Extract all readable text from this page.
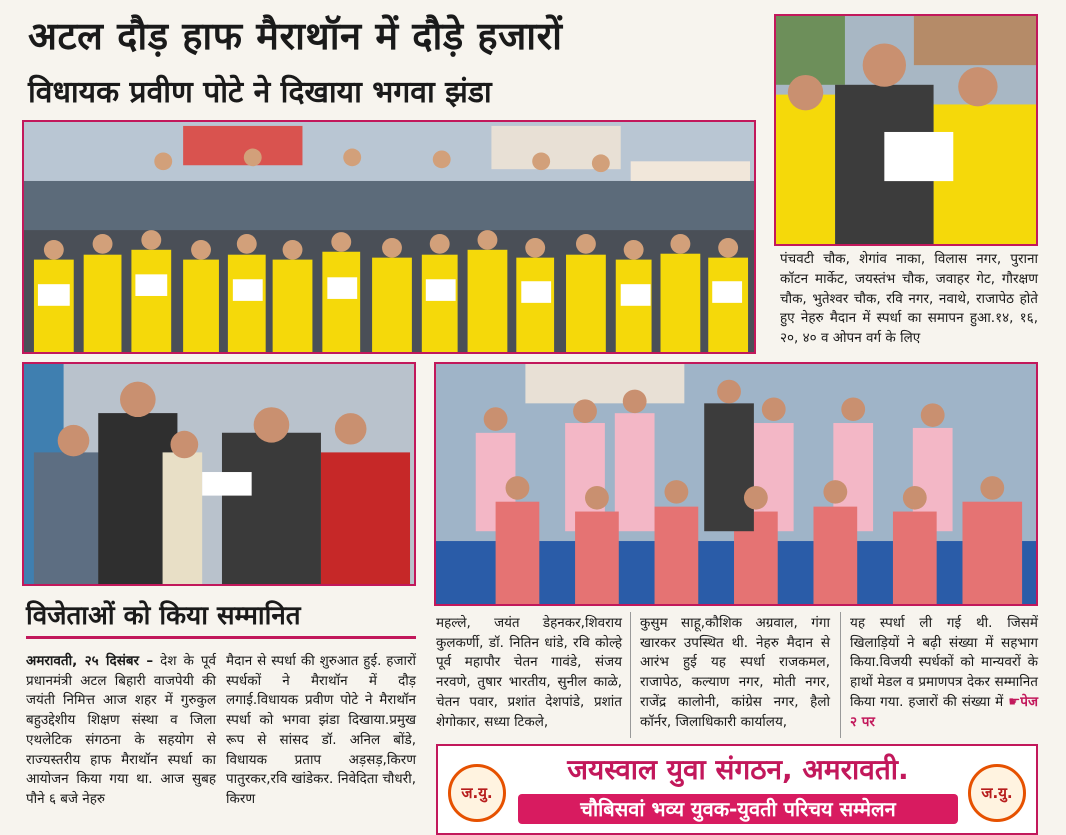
अटल दौड़ हाफ मैराथॉन में दौड़े हजारों
विधायक प्रवीण पोटे ने दिखाया भगवा झंडा
पंचवटी चौक, शेगांव नाका, विलास नगर, पुराना कॉटन मार्केट, जयस्तंभ चौक, जवाहर गेट, गौरक्षण चौक, भुतेश्वर चौक, रवि नगर, नवाथे, राजापेठ होते हुए नेहरु मैदान में स्पर्धा का समापन हुआ.१४, १६, २०, ४० व ओपन वर्ग के लिए
विजेताओं को किया सम्मानित
अमरावती, २५ दिसंबर – देश के पूर्व प्रधानमंत्री अटल बिहारी वाजपेयी की जयंती निमित्त आज शहर में गुरुकुल बहुउद्देशीय शिक्षण संस्था व जिला एथलेटिक संगठना के सहयोग से राज्यस्तरीय हाफ मैराथॉन स्पर्धा का आयोजन किया गया था. आज सुबह पौने ६ बजे नेहरु
मैदान से स्पर्धा की शुरुआत हुई. हजारों स्पर्धकों ने मैराथॉन में दौड़ लगाई.विधायक प्रवीण पोटे ने मैराथॉन स्पर्धा को भगवा झंडा दिखाया.प्रमुख रूप से सांसद डॉ. अनिल बोंडे, विधायक प्रताप अड़सड़,किरण पातुरकर,रवि खांडेकर. निवेदिता चौधरी, किरण
महल्ले, जयंत डेहनकर,शिवराय कुलकर्णी, डॉ. नितिन धांडे, रवि कोल्हे पूर्व महापौर चेतन गावंडे, संजय नरवणे, तुषार भारतीय, सुनील काळे, चेतन पवार, प्रशांत देशपांडे, प्रशांत शेगोकार, सध्या टिकले,
कुसुम साहू,कौशिक अग्रवाल, गंगा खारकर उपस्थित थी. नेहरु मैदान से आरंभ हुई यह स्पर्धा राजकमल, राजापेठ, कल्याण नगर, मोती नगर, राजेंद्र कालोनी, कांग्रेस नगर, हैलो कॉर्नर, जिलाधिकारी कार्यालय,
यह स्पर्धा ली गई थी. जिसमें खिलाड़ियों ने बढ़ी संख्या में सहभाग किया.विजयी स्पर्धकों को मान्यवरों के हाथों मेडल व प्रमाणपत्र देकर सम्मानित किया गया. हजारों की संख्या में ☛पेज २ पर
ज.यु.
जयस्वाल युवा संगठन, अमरावती.
चौबिसवां भव्य युवक-युवती परिचय सम्मेलन
ज.यु.
